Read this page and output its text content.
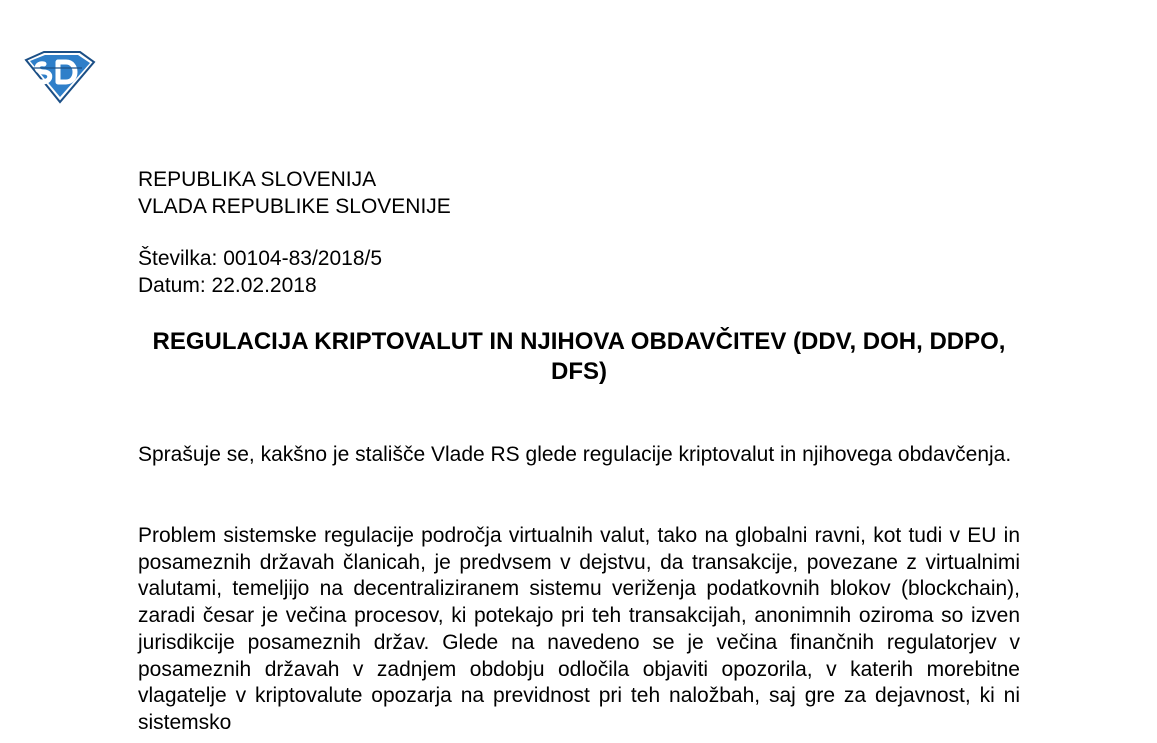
REPUBLIKA SLOVENIJA
VLADA REPUBLIKE SLOVENIJE
Številka: 00104-83/2018/5
Datum: 22.02.2018
REGULACIJA KRIPTOVALUT IN NJIHOVA OBDAVČITEV (DDV, DOH, DDPO, DFS)

Sprašuje se, kakšno je stališče Vlade RS glede regulacije kriptovalut in njihovega obdavčenja.

Problem sistemske regulacije področja virtualnih valut, tako na globalni ravni, kot tudi v EU in posameznih državah članicah, je predvsem v dejstvu, da transakcije, povezane z virtualnimi valutami, temeljijo na decentraliziranem sistemu veriženja podatkovnih blokov (blockchain), zaradi česar je večina procesov, ki potekajo pri teh transakcijah, anonimnih oziroma so izven jurisdikcije posameznih držav. Glede na navedeno se je večina finančnih regulatorjev v posameznih državah v zadnjem obdobju odločila objaviti opozorila, v katerih morebitne vlagatelje v kriptovalute opozarja na previdnost pri teh naložbah, saj gre za dejavnost, ki ni sistemsko
